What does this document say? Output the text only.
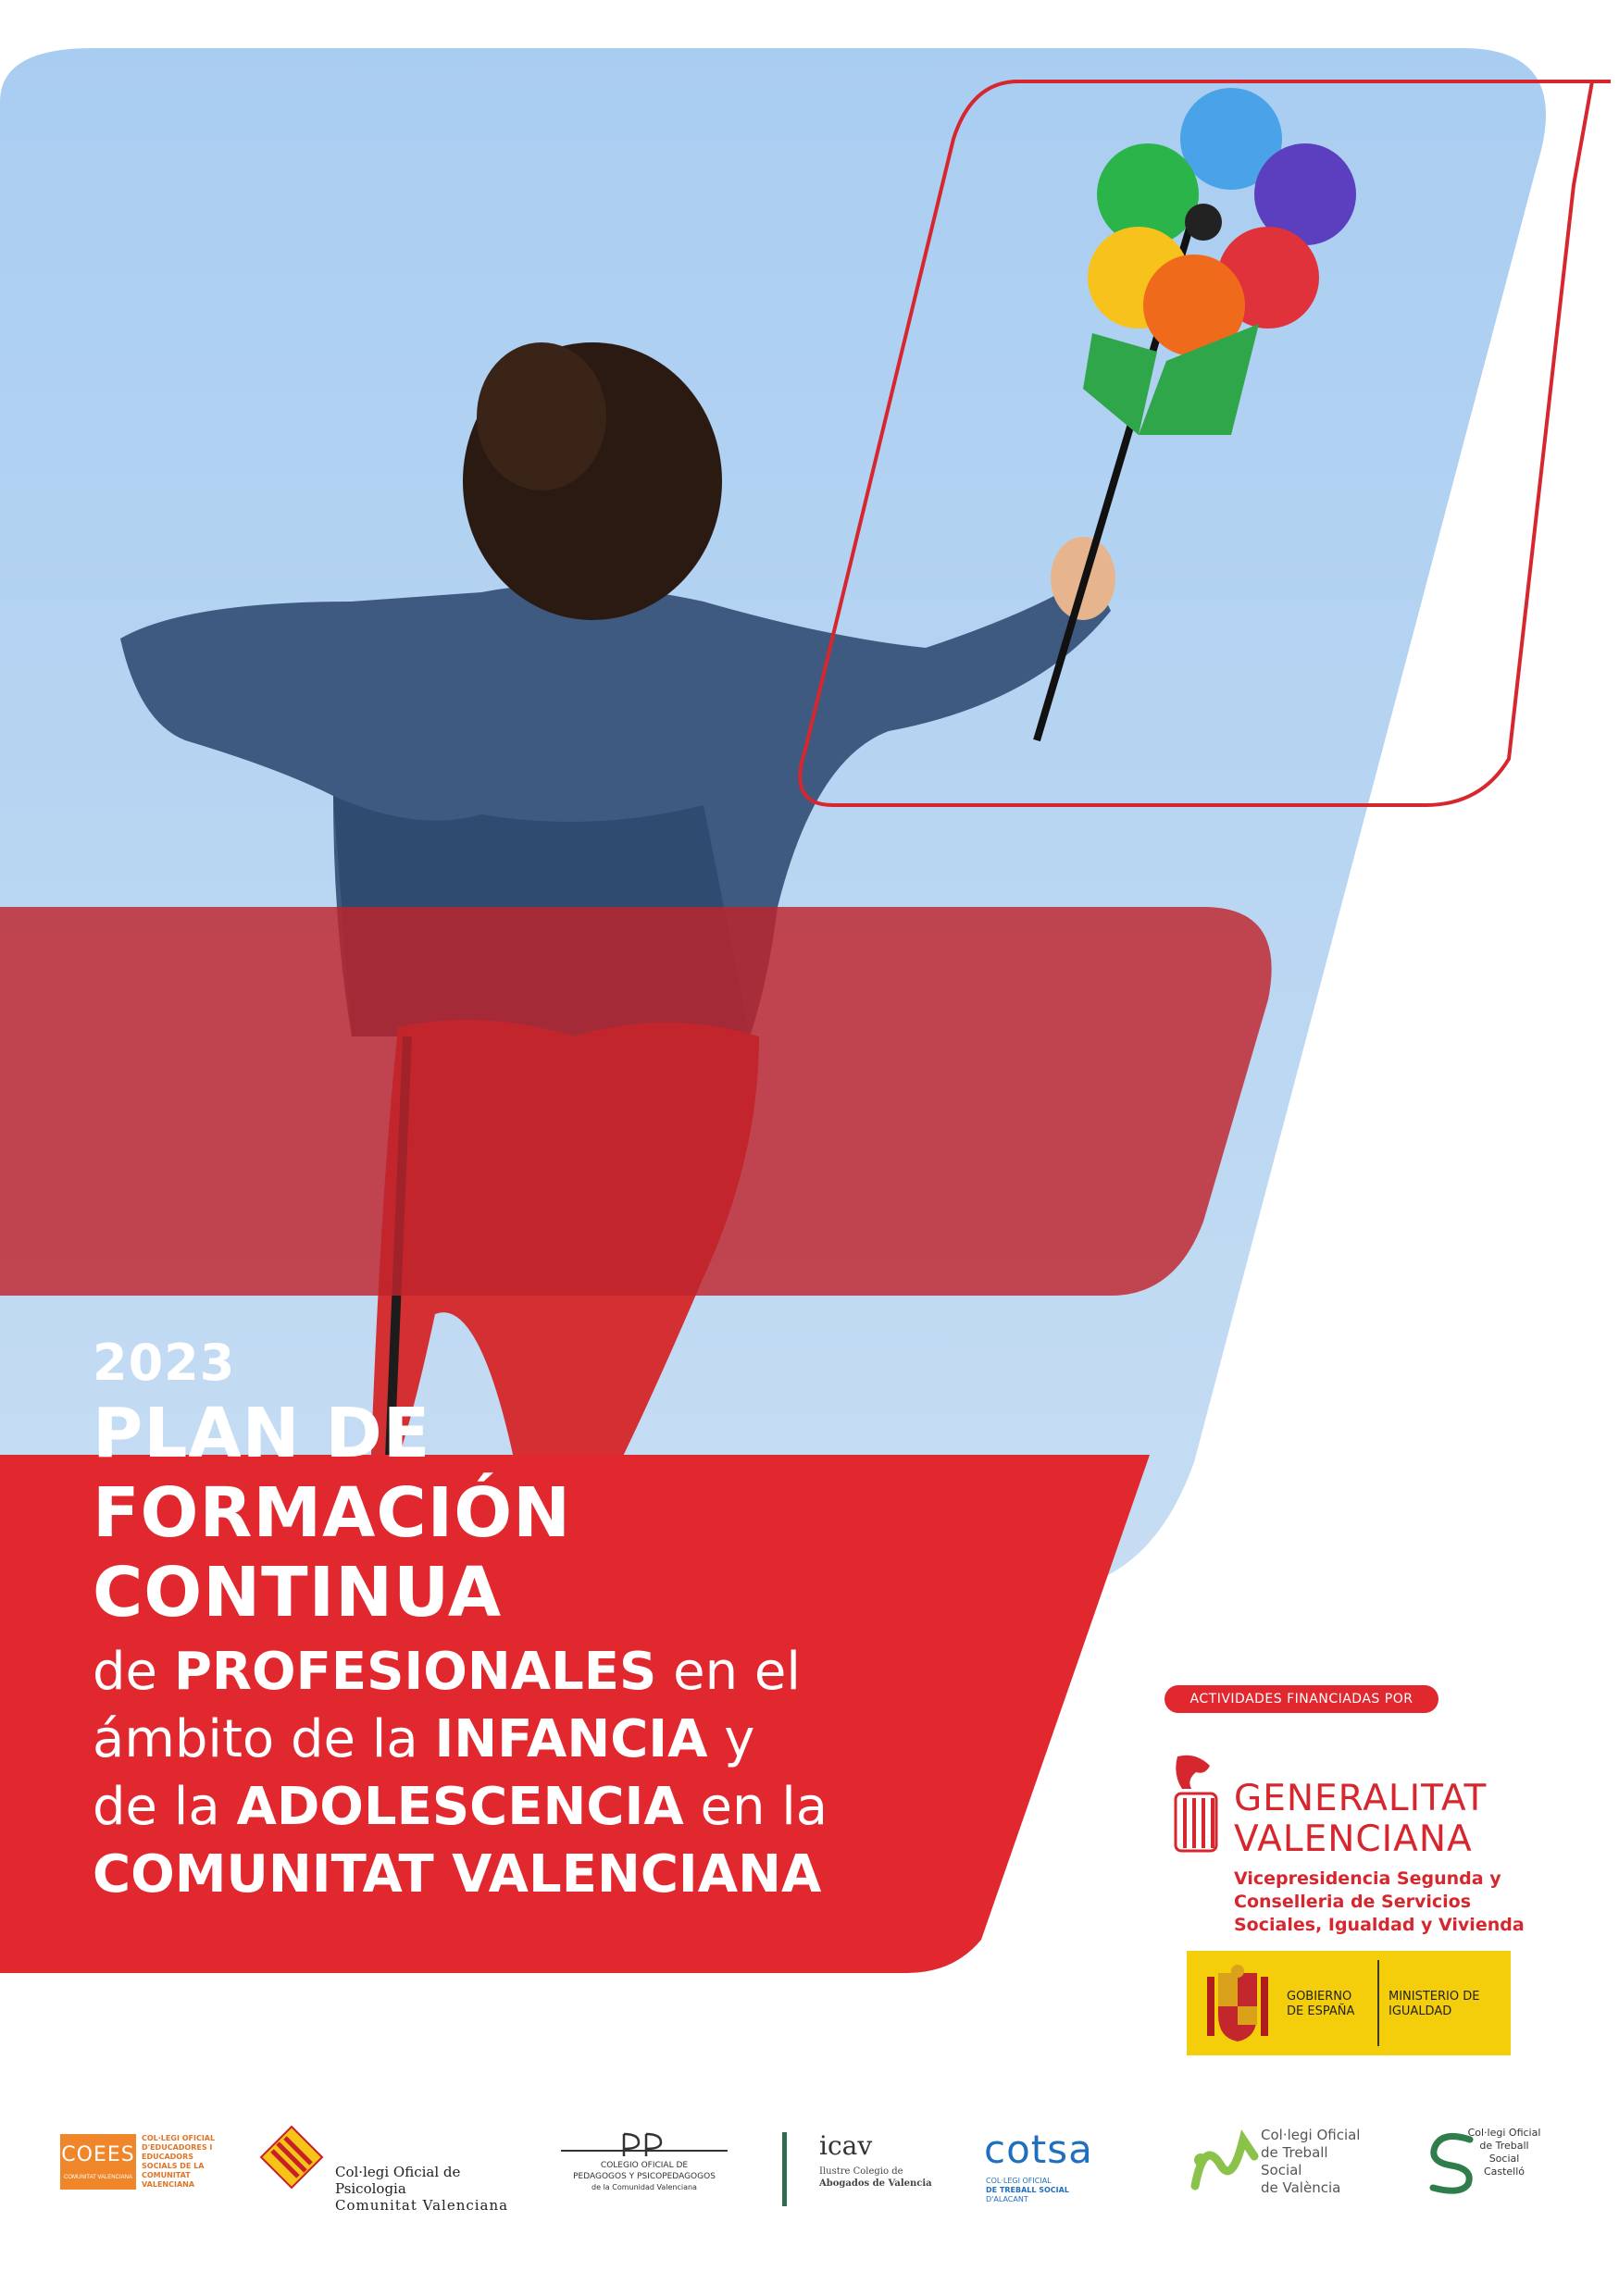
2023
PLAN DE
FORMACIÓN
CONTINUA
de PROFESIONALES en el
ámbito de la INFANCIA y
de la ADOLESCENCIA en la
COMUNITAT VALENCIANA
ACTIVIDADES FINANCIADAS POR
GENERALITAT
VALENCIANA
Vicepresidencia Segunda y Conselleria de Servicios Sociales, Igualdad y Vivienda
GOBIERNO DE ESPAÑA
MINISTERIO DE IGUALDAD
COEES
COMUNITAT VALENCIANA
COL·LEGI OFICIAL D'EDUCADORES I EDUCADORS SOCIALS DE LA COMUNITAT VALENCIANA
Col·legi Oficial de Psicologia
Comunitat Valenciana
COLEGIO OFICIAL DE
PEDAGOGOS Y PSICOPEDAGOGOS
de la Comunidad Valenciana
icav
Ilustre Colegio de
Abogados de Valencia
cotsa
COL·LEGI OFICIAL
DE TREBALL SOCIAL
D'ALACANT
Col·legi Oficial
de Treball Social
de València
Col·legi Oficial
de Treball Social
Castelló
